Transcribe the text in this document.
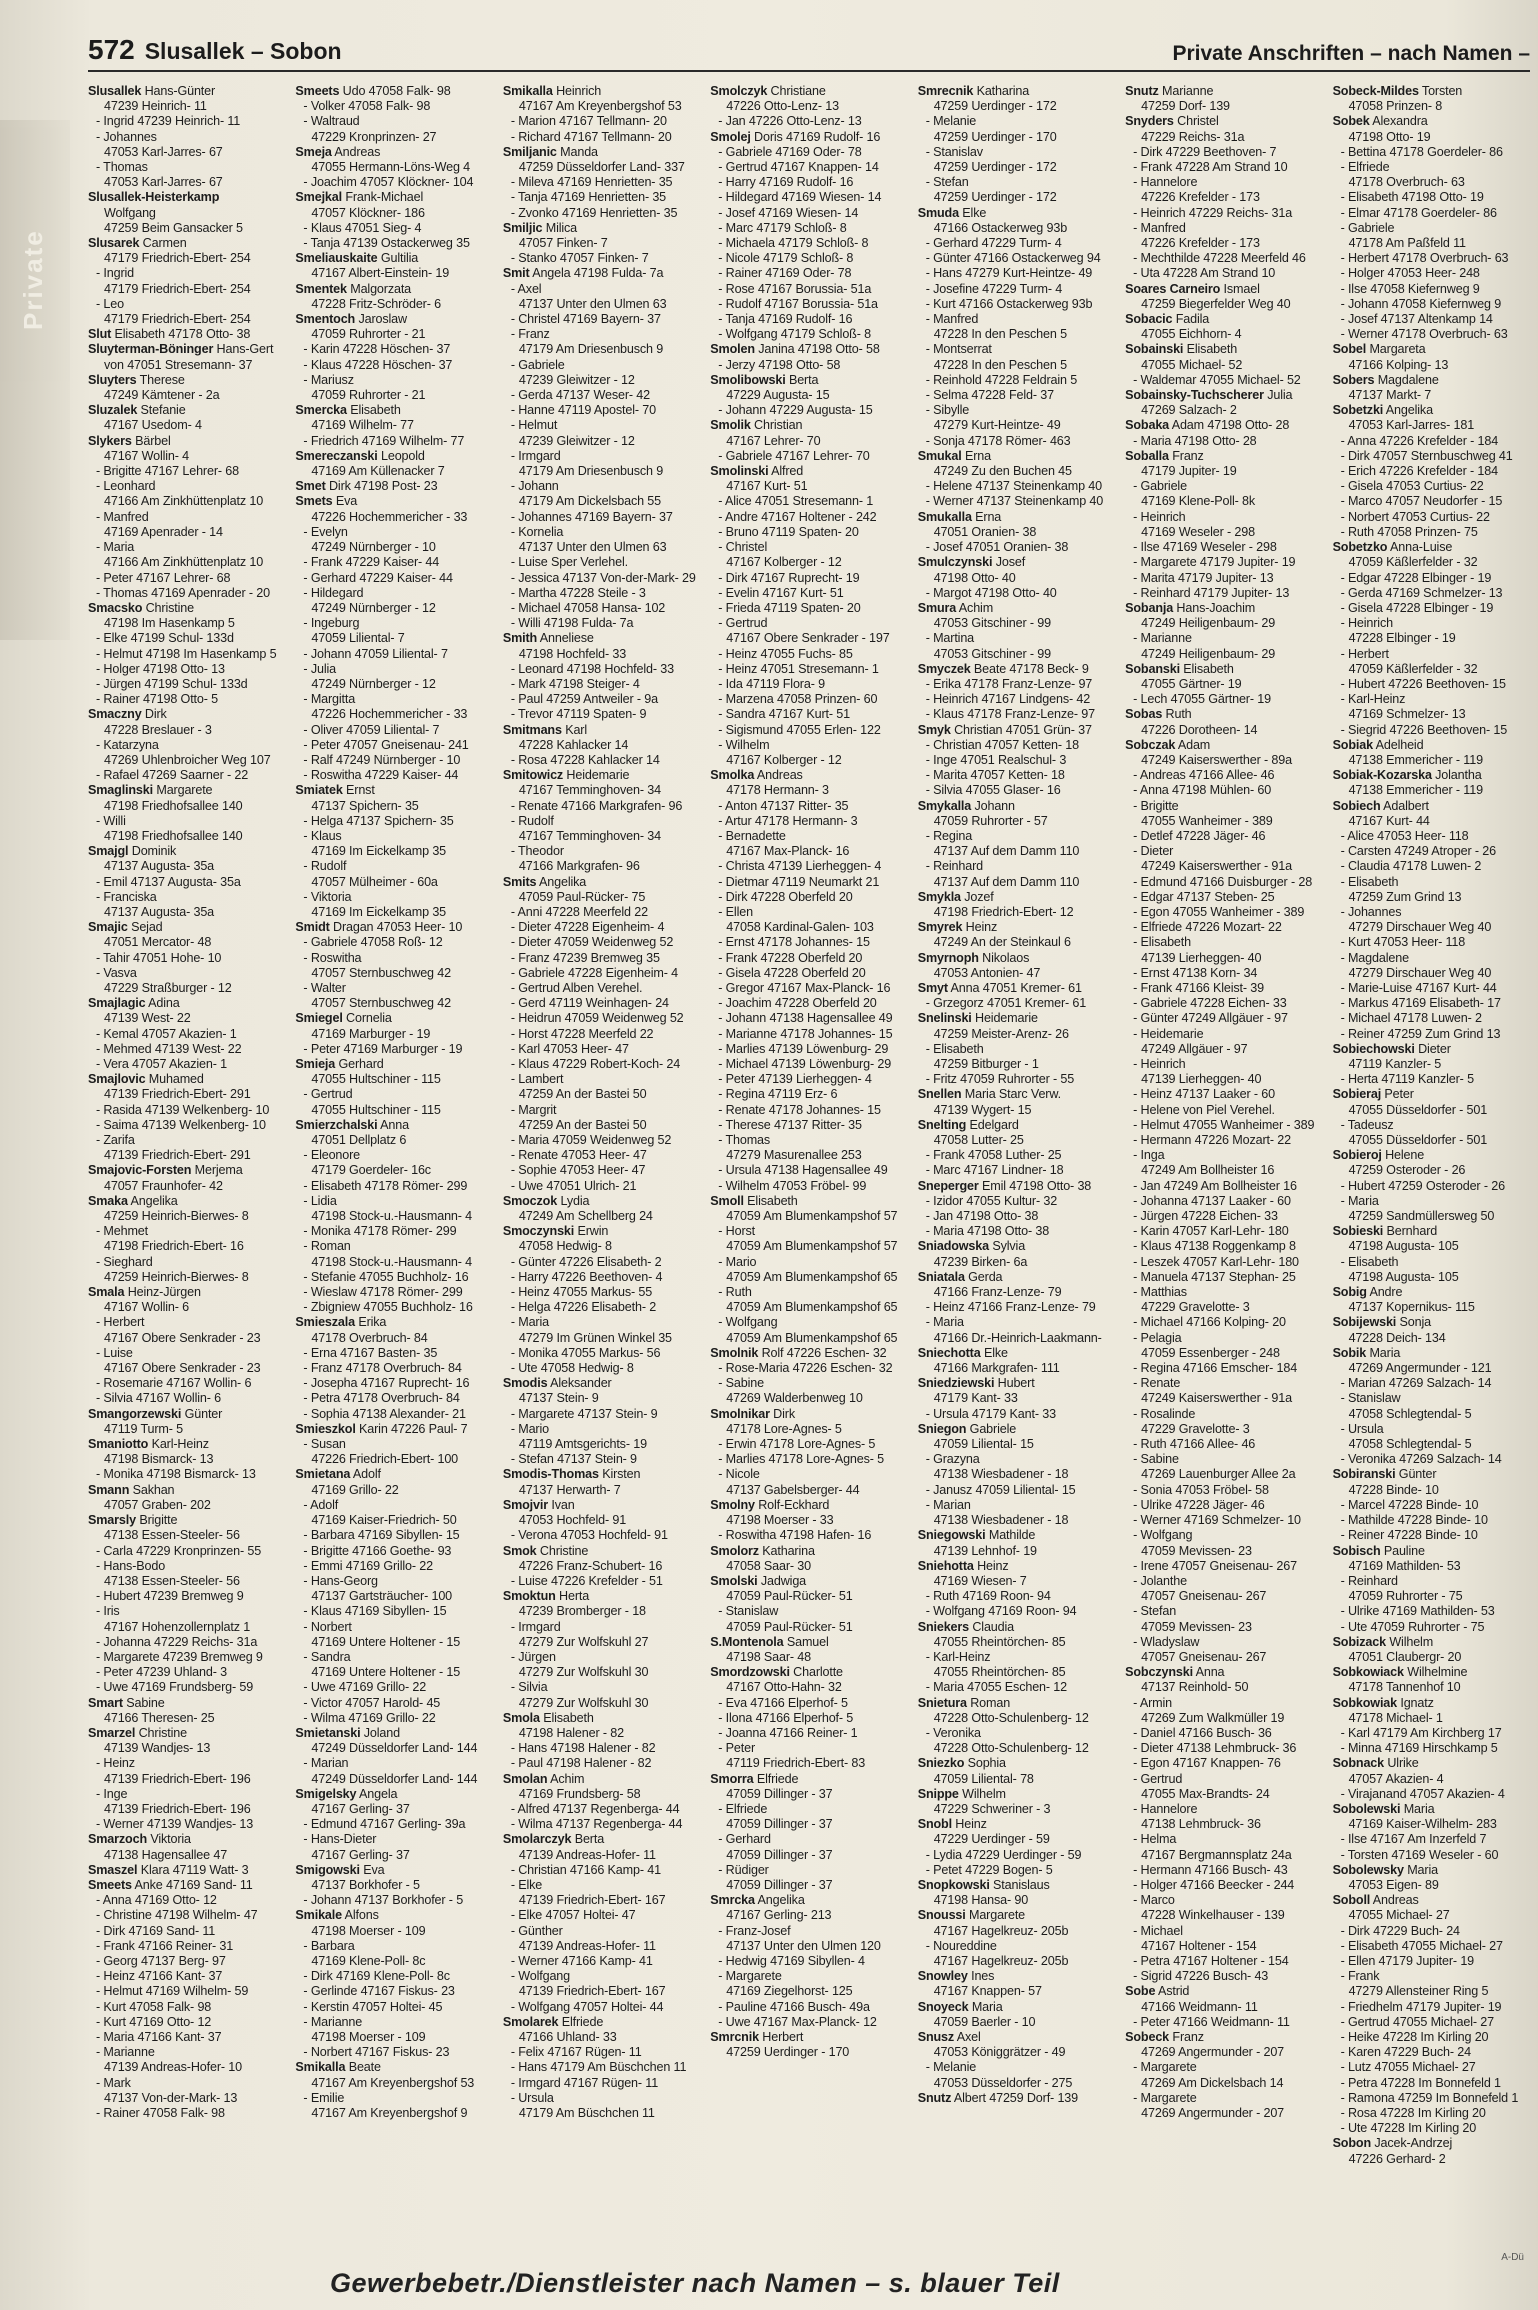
Private
572 Slusallek – Sobon	Private Anschriften – nach Namen –
Slusallek Hans-Günter
47239 Heinrich- 11
- Ingrid 47239 Heinrich- 11
- Johannes
47053 Karl-Jarres- 67
- Thomas
47053 Karl-Jarres- 67
Slusallek-Heisterkamp
Wolfgang
47259 Beim Gansacker 5
Slusarek Carmen
47179 Friedrich-Ebert- 254
- Ingrid
47179 Friedrich-Ebert- 254
- Leo
47179 Friedrich-Ebert- 254
Slut Elisabeth 47178 Otto- 38
Sluyterman-Böninger Hans-Gert
von 47051 Stresemann- 37
Sluyters Therese
47249 Kämtener - 2a
Sluzalek Stefanie
47167 Usedom- 4
Slykers Bärbel
47167 Wollin- 4
- Brigitte 47167 Lehrer- 68
- Leonhard
47166 Am Zinkhüttenplatz 10
- Manfred
47169 Apenrader - 14
- Maria
47166 Am Zinkhüttenplatz 10
- Peter 47167 Lehrer- 68
- Thomas 47169 Apenrader - 20
Smacsko Christine
47198 Im Hasenkamp 5
- Elke 47199 Schul- 133d
- Helmut 47198 Im Hasenkamp 5
- Holger 47198 Otto- 13
- Jürgen 47199 Schul- 133d
- Rainer 47198 Otto- 5
Smaczny Dirk
47228 Breslauer - 3
- Katarzyna
47269 Uhlenbroicher Weg 107
- Rafael 47269 Saarner - 22
Smaglinski Margarete
47198 Friedhofsallee 140
- Willi
47198 Friedhofsallee 140
Smajgl Dominik
47137 Augusta- 35a
- Emil 47137 Augusta- 35a
- Franciska
47137 Augusta- 35a
Smajic Sejad
47051 Mercator- 48
- Tahir 47051 Hohe- 10
- Vasva
47229 Straßburger - 12
Smajlagic Adina
47139 West- 22
- Kemal 47057 Akazien- 1
- Mehmed 47139 West- 22
- Vera 47057 Akazien- 1
Smajlovic Muhamed
47139 Friedrich-Ebert- 291
- Rasida 47139 Welkenberg- 10
- Saima 47139 Welkenberg- 10
- Zarifa
47139 Friedrich-Ebert- 291
Smajovic-Forsten Merjema
47057 Fraunhofer- 42
Smaka Angelika
47259 Heinrich-Bierwes- 8
- Mehmet
47198 Friedrich-Ebert- 16
- Sieghard
47259 Heinrich-Bierwes- 8
Smala Heinz-Jürgen
47167 Wollin- 6
- Herbert
47167 Obere Senkrader - 23
- Luise
47167 Obere Senkrader - 23
- Rosemarie 47167 Wollin- 6
- Silvia 47167 Wollin- 6
Smangorzewski Günter
47119 Turm- 5
Smaniotto Karl-Heinz
47198 Bismarck- 13
- Monika 47198 Bismarck- 13
Smann Sakhan
47057 Graben- 202
Smarsly Brigitte
47138 Essen-Steeler- 56
- Carla 47229 Kronprinzen- 55
- Hans-Bodo
47138 Essen-Steeler- 56
- Hubert 47239 Bremweg 9
- Iris
47167 Hohenzollernplatz 1
- Johanna 47229 Reichs- 31a
- Margarete 47239 Bremweg 9
- Peter 47239 Uhland- 3
- Uwe 47169 Frundsberg- 59
Smart Sabine
47166 Theresen- 25
Smarzel Christine
47139 Wandjes- 13
- Heinz
47139 Friedrich-Ebert- 196
- Inge
47139 Friedrich-Ebert- 196
- Werner 47139 Wandjes- 13
Smarzoch Viktoria
47138 Hagensallee 47
Smaszel Klara 47119 Watt- 3
Smeets Anke 47169 Sand- 11
- Anna 47169 Otto- 12
- Christine 47198 Wilhelm- 47
- Dirk 47169 Sand- 11
- Frank 47166 Reiner- 31
- Georg 47137 Berg- 97
- Heinz 47166 Kant- 37
- Helmut 47169 Wilhelm- 59
- Kurt 47058 Falk- 98
- Kurt 47169 Otto- 12
- Maria 47166 Kant- 37
- Marianne
47139 Andreas-Hofer- 10
- Mark
47137 Von-der-Mark- 13
- Rainer 47058 Falk- 98
Smeets Udo 47058 Falk- 98
- Volker 47058 Falk- 98
- Waltraud
47229 Kronprinzen- 27
Smeja Andreas
47055 Hermann-Löns-Weg 4
- Joachim 47057 Klöckner- 104
Smejkal Frank-Michael
47057 Klöckner- 186
- Klaus 47051 Sieg- 4
- Tanja 47139 Ostackerweg 35
Smeliauskaite Gultilia
47167 Albert-Einstein- 19
Smentek Malgorzata
47228 Fritz-Schröder- 6
Smentoch Jaroslaw
47059 Ruhrorter - 21
- Karin 47228 Höschen- 37
- Klaus 47228 Höschen- 37
- Mariusz
47059 Ruhrorter - 21
Smercka Elisabeth
47169 Wilhelm- 77
- Friedrich 47169 Wilhelm- 77
Smereczanski Leopold
47169 Am Küllenacker 7
Smet Dirk 47198 Post- 23
Smets Eva
47226 Hochemmericher - 33
- Evelyn
47249 Nürnberger - 10
- Frank 47229 Kaiser- 44
- Gerhard 47229 Kaiser- 44
- Hildegard
47249 Nürnberger - 12
- Ingeburg
47059 Liliental- 7
- Johann 47059 Liliental- 7
- Julia
47249 Nürnberger - 12
- Margitta
47226 Hochemmericher - 33
- Oliver 47059 Liliental- 7
- Peter 47057 Gneisenau- 241
- Ralf 47249 Nürnberger - 10
- Roswitha 47229 Kaiser- 44
Smiatek Ernst
47137 Spichern- 35
- Helga 47137 Spichern- 35
- Klaus
47169 Im Eickelkamp 35
- Rudolf
47057 Mülheimer - 60a
- Viktoria
47169 Im Eickelkamp 35
Smidt Dragan 47053 Heer- 10
- Gabriele 47058 Roß- 12
- Roswitha
47057 Sternbuschweg 42
- Walter
47057 Sternbuschweg 42
Smiegel Cornelia
47169 Marburger - 19
- Peter 47169 Marburger - 19
Smieja Gerhard
47055 Hultschiner - 115
- Gertrud
47055 Hultschiner - 115
Smierzchalski Anna
47051 Dellplatz 6
- Eleonore
47179 Goerdeler- 16c
- Elisabeth 47178 Römer- 299
- Lidia
47198 Stock-u.-Hausmann- 4
- Monika 47178 Römer- 299
- Roman
47198 Stock-u.-Hausmann- 4
- Stefanie 47055 Buchholz- 16
- Wieslaw 47178 Römer- 299
- Zbigniew 47055 Buchholz- 16
Smieszala Erika
47178 Overbruch- 84
- Erna 47167 Basten- 35
- Franz 47178 Overbruch- 84
- Josepha 47167 Ruprecht- 16
- Petra 47178 Overbruch- 84
- Sophia 47138 Alexander- 21
Smieszkol Karin 47226 Paul- 7
- Susan
47226 Friedrich-Ebert- 100
Smietana Adolf
47169 Grillo- 22
- Adolf
47169 Kaiser-Friedrich- 50
- Barbara 47169 Sibyllen- 15
- Brigitte 47166 Goethe- 93
- Emmi 47169 Grillo- 22
- Hans-Georg
47137 Gartsträucher- 100
- Klaus 47169 Sibyllen- 15
- Norbert
47169 Untere Holtener - 15
- Sandra
47169 Untere Holtener - 15
- Uwe 47169 Grillo- 22
- Victor 47057 Harold- 45
- Wilma 47169 Grillo- 22
Smietanski Joland
47249 Düsseldorfer Land- 144
- Marian
47249 Düsseldorfer Land- 144
Smigelsky Angela
47167 Gerling- 37
- Edmund 47167 Gerling- 39a
- Hans-Dieter
47167 Gerling- 37
Smigowski Eva
47137 Borkhofer - 5
- Johann 47137 Borkhofer - 5
Smikale Alfons
47198 Moerser - 109
- Barbara
47169 Klene-Poll- 8c
- Dirk 47169 Klene-Poll- 8c
- Gerlinde 47167 Fiskus- 23
- Kerstin 47057 Holtei- 45
- Marianne
47198 Moerser - 109
- Norbert 47167 Fiskus- 23
Smikalla Beate
47167 Am Kreyenbergshof 53
- Emilie
47167 Am Kreyenbergshof 9
Smikalla Heinrich
47167 Am Kreyenbergshof 53
- Marion 47167 Tellmann- 20
- Richard 47167 Tellmann- 20
Smiljanic Manda
47259 Düsseldorfer Land- 337
- Mileva 47169 Henrietten- 35
- Tanja 47169 Henrietten- 35
- Zvonko 47169 Henrietten- 35
Smiljic Milica
47057 Finken- 7
- Stanko 47057 Finken- 7
Smit Angela 47198 Fulda- 7a
- Axel
47137 Unter den Ulmen 63
- Christel 47169 Bayern- 37
- Franz
47179 Am Driesenbusch 9
- Gabriele
47239 Gleiwitzer - 12
- Gerda 47137 Weser- 42
- Hanne 47119 Apostel- 70
- Helmut
47239 Gleiwitzer - 12
- Irmgard
47179 Am Driesenbusch 9
- Johann
47179 Am Dickelsbach 55
- Johannes 47169 Bayern- 37
- Kornelia
47137 Unter den Ulmen 63
- Luise Sper Verlehel.
- Jessica 47137 Von-der-Mark- 29
- Martha 47228 Steile - 3
- Michael 47058 Hansa- 102
- Willi 47198 Fulda- 7a
Smith Anneliese
47198 Hochfeld- 33
- Leonard 47198 Hochfeld- 33
- Mark 47198 Steiger- 4
- Paul 47259 Antweiler - 9a
- Trevor 47119 Spaten- 9
Smitmans Karl
47228 Kahlacker 14
- Rosa 47228 Kahlacker 14
Smitowicz Heidemarie
47167 Temminghoven- 34
- Renate 47166 Markgrafen- 96
- Rudolf
47167 Temminghoven- 34
- Theodor
47166 Markgrafen- 96
Smits Angelika
47059 Paul-Rücker- 75
- Anni 47228 Meerfeld 22
- Dieter 47228 Eigenheim- 4
- Dieter 47059 Weidenweg 52
- Franz 47239 Bremweg 35
- Gabriele 47228 Eigenheim- 4
- Gertrud Alben Verehel.
- Gerd 47119 Weinhagen- 24
- Heidrun 47059 Weidenweg 52
- Horst 47228 Meerfeld 22
- Karl 47053 Heer- 47
- Klaus 47229 Robert-Koch- 24
- Lambert
47259 An der Bastei 50
- Margrit
47259 An der Bastei 50
- Maria 47059 Weidenweg 52
- Renate 47053 Heer- 47
- Sophie 47053 Heer- 47
- Uwe 47051 Ulrich- 21
Smoczok Lydia
47249 Am Schellberg 24
Smoczynski Erwin
47058 Hedwig- 8
- Günter 47226 Elisabeth- 2
- Harry 47226 Beethoven- 4
- Heinz 47055 Markus- 55
- Helga 47226 Elisabeth- 2
- Maria
47279 Im Grünen Winkel 35
- Monika 47055 Markus- 56
- Ute 47058 Hedwig- 8
Smodis Aleksander
47137 Stein- 9
- Margarete 47137 Stein- 9
- Mario
47119 Amtsgerichts- 19
- Stefan 47137 Stein- 9
Smodis-Thomas Kirsten
47137 Herwarth- 7
Smojvir Ivan
47053 Hochfeld- 91
- Verona 47053 Hochfeld- 91
Smok Christine
47226 Franz-Schubert- 16
- Luise 47226 Krefelder - 51
Smoktun Herta
47239 Bromberger - 18
- Irmgard
47279 Zur Wolfskuhl 27
- Jürgen
47279 Zur Wolfskuhl 30
- Silvia
47279 Zur Wolfskuhl 30
Smola Elisabeth
47198 Halener - 82
- Hans 47198 Halener - 82
- Paul 47198 Halener - 82
Smolan Achim
47169 Frundsberg- 58
- Alfred 47137 Regenberga- 44
- Wilma 47137 Regenberga- 44
Smolarczyk Berta
47139 Andreas-Hofer- 11
- Christian 47166 Kamp- 41
- Elke
47139 Friedrich-Ebert- 167
- Elke 47057 Holtei- 47
- Günther
47139 Andreas-Hofer- 11
- Werner 47166 Kamp- 41
- Wolfgang
47139 Friedrich-Ebert- 167
- Wolfgang 47057 Holtei- 44
Smolarek Elfriede
47166 Uhland- 33
- Felix 47167 Rügen- 11
- Hans 47179 Am Büschchen 11
- Irmgard 47167 Rügen- 11
- Ursula
47179 Am Büschchen 11
Smolczyk Christiane
47226 Otto-Lenz- 13
- Jan 47226 Otto-Lenz- 13
Smolej Doris 47169 Rudolf- 16
- Gabriele 47169 Oder- 78
- Gertrud 47167 Knappen- 14
- Harry 47169 Rudolf- 16
- Hildegard 47169 Wiesen- 14
- Josef 47169 Wiesen- 14
- Marc 47179 Schloß- 8
- Michaela 47179 Schloß- 8
- Nicole 47179 Schloß- 8
- Rainer 47169 Oder- 78
- Rose 47167 Borussia- 51a
- Rudolf 47167 Borussia- 51a
- Tanja 47169 Rudolf- 16
- Wolfgang 47179 Schloß- 8
Smolen Janina 47198 Otto- 58
- Jerzy 47198 Otto- 58
Smolibowski Berta
47229 Augusta- 15
- Johann 47229 Augusta- 15
Smolik Christian
47167 Lehrer- 70
- Gabriele 47167 Lehrer- 70
Smolinski Alfred
47167 Kurt- 51
- Alice 47051 Stresemann- 1
- Andre 47167 Holtener - 242
- Bruno 47119 Spaten- 20
- Christel
47167 Kolberger - 12
- Dirk 47167 Ruprecht- 19
- Evelin 47167 Kurt- 51
- Frieda 47119 Spaten- 20
- Gertrud
47167 Obere Senkrader - 197
- Heinz 47055 Fuchs- 85
- Heinz 47051 Stresemann- 1
- Ida 47119 Flora- 9
- Marzena 47058 Prinzen- 60
- Sandra 47167 Kurt- 51
- Sigismund 47055 Erlen- 122
- Wilhelm
47167 Kolberger - 12
Smolka Andreas
47178 Hermann- 3
- Anton 47137 Ritter- 35
- Artur 47178 Hermann- 3
- Bernadette
47167 Max-Planck- 16
- Christa 47139 Lierheggen- 4
- Dietmar 47119 Neumarkt 21
- Dirk 47228 Oberfeld 20
- Ellen
47058 Kardinal-Galen- 103
- Ernst 47178 Johannes- 15
- Frank 47228 Oberfeld 20
- Gisela 47228 Oberfeld 20
- Gregor 47167 Max-Planck- 16
- Joachim 47228 Oberfeld 20
- Johann 47138 Hagensallee 49
- Marianne 47178 Johannes- 15
- Marlies 47139 Löwenburg- 29
- Michael 47139 Löwenburg- 29
- Peter 47139 Lierheggen- 4
- Regina 47119 Erz- 6
- Renate 47178 Johannes- 15
- Therese 47137 Ritter- 35
- Thomas
47279 Masurenallee 253
- Ursula 47138 Hagensallee 49
- Wilhelm 47053 Fröbel- 99
Smoll Elisabeth
47059 Am Blumenkampshof 57
- Horst
47059 Am Blumenkampshof 57
- Mario
47059 Am Blumenkampshof 65
- Ruth
47059 Am Blumenkampshof 65
- Wolfgang
47059 Am Blumenkampshof 65
Smolnik Rolf 47226 Eschen- 32
- Rose-Maria 47226 Eschen- 32
- Sabine
47269 Walderbenweg 10
Smolnikar Dirk
47178 Lore-Agnes- 5
- Erwin 47178 Lore-Agnes- 5
- Marlies 47178 Lore-Agnes- 5
- Nicole
47137 Gabelsberger- 44
Smolny Rolf-Eckhard
47198 Moerser - 33
- Roswitha 47198 Hafen- 16
Smolorz Katharina
47058 Saar- 30
Smolski Jadwiga
47059 Paul-Rücker- 51
- Stanislaw
47059 Paul-Rücker- 51
S.Montenola Samuel
47198 Saar- 48
Smordzowski Charlotte
47167 Otto-Hahn- 32
- Eva 47166 Elperhof- 5
- Ilona 47166 Elperhof- 5
- Joanna 47166 Reiner- 1
- Peter
47119 Friedrich-Ebert- 83
Smorra Elfriede
47059 Dillinger - 37
- Elfriede
47059 Dillinger - 37
- Gerhard
47059 Dillinger - 37
- Rüdiger
47059 Dillinger - 37
Smrcka Angelika
47167 Gerling- 213
- Franz-Josef
47137 Unter den Ulmen 120
- Hedwig 47169 Sibyllen- 4
- Margarete
47169 Ziegelhorst- 125
- Pauline 47166 Busch- 49a
- Uwe 47167 Max-Planck- 12
Smrcnik Herbert
47259 Uerdinger - 170
Smrecnik Katharina
47259 Uerdinger - 172
- Melanie
47259 Uerdinger - 170
- Stanislav
47259 Uerdinger - 172
- Stefan
47259 Uerdinger - 172
Smuda Elke
47166 Ostackerweg 93b
- Gerhard 47229 Turm- 4
- Günter 47166 Ostackerweg 94
- Hans 47279 Kurt-Heintze- 49
- Josefine 47229 Turm- 4
- Kurt 47166 Ostackerweg 93b
- Manfred
47228 In den Peschen 5
- Montserrat
47228 In den Peschen 5
- Reinhold 47228 Feldrain 5
- Selma 47228 Feld- 37
- Sibylle
47279 Kurt-Heintze- 49
- Sonja 47178 Römer- 463
Smukal Erna
47249 Zu den Buchen 45
- Helene 47137 Steinenkamp 40
- Werner 47137 Steinenkamp 40
Smukalla Erna
47051 Oranien- 38
- Josef 47051 Oranien- 38
Smulczynski Josef
47198 Otto- 40
- Margot 47198 Otto- 40
Smura Achim
47053 Gitschiner - 99
- Martina
47053 Gitschiner - 99
Smyczek Beate 47178 Beck- 9
- Erika 47178 Franz-Lenze- 97
- Heinrich 47167 Lindgens- 42
- Klaus 47178 Franz-Lenze- 97
Smyk Christian 47051 Grün- 37
- Christian 47057 Ketten- 18
- Inge 47051 Realschul- 3
- Marita 47057 Ketten- 18
- Silvia 47055 Glaser- 16
Smykalla Johann
47059 Ruhrorter - 57
- Regina
47137 Auf dem Damm 110
- Reinhard
47137 Auf dem Damm 110
Smykla Jozef
47198 Friedrich-Ebert- 12
Smyrek Heinz
47249 An der Steinkaul 6
Smyrnoph Nikolaos
47053 Antonien- 47
Smyt Anna 47051 Kremer- 61
- Grzegorz 47051 Kremer- 61
Snelinski Heidemarie
47259 Meister-Arenz- 26
- Elisabeth
47259 Bitburger - 1
- Fritz 47059 Ruhrorter - 55
Snellen Maria Starc Verw.
47139 Wygert- 15
Snelting Edelgard
47058 Lutter- 25
- Frank 47058 Luther- 25
- Marc 47167 Lindner- 18
Sneperger Emil 47198 Otto- 38
- Izidor 47055 Kultur- 32
- Jan 47198 Otto- 38
- Maria 47198 Otto- 38
Sniadowska Sylvia
47239 Birken- 6a
Sniatala Gerda
47166 Franz-Lenze- 79
- Heinz 47166 Franz-Lenze- 79
- Maria
47166 Dr.-Heinrich-Laakmann-
Sniechotta Elke
47166 Markgrafen- 111
Sniedziewski Hubert
47179 Kant- 33
- Ursula 47179 Kant- 33
Sniegon Gabriele
47059 Liliental- 15
- Grazyna
47138 Wiesbadener - 18
- Janusz 47059 Liliental- 15
- Marian
47138 Wiesbadener - 18
Sniegowski Mathilde
47139 Lehnhof- 19
Sniehotta Heinz
47169 Wiesen- 7
- Ruth 47169 Roon- 94
- Wolfgang 47169 Roon- 94
Sniekers Claudia
47055 Rheintörchen- 85
- Karl-Heinz
47055 Rheintörchen- 85
- Maria 47055 Eschen- 12
Snietura Roman
47228 Otto-Schulenberg- 12
- Veronika
47228 Otto-Schulenberg- 12
Sniezko Sophia
47059 Liliental- 78
Snippe Wilhelm
47229 Schweriner - 3
Snobl Heinz
47229 Uerdinger - 59
- Lydia 47229 Uerdinger - 59
- Petet 47229 Bogen- 5
Snopkowski Stanislaus
47198 Hansa- 90
Snoussi Margarete
47167 Hagelkreuz- 205b
- Noureddine
47167 Hagelkreuz- 205b
Snowley Ines
47167 Knappen- 57
Snoyeck Maria
47059 Baerler - 10
Snusz Axel
47053 Königgrätzer - 49
- Melanie
47053 Düsseldorfer - 275
Snutz Albert 47259 Dorf- 139
Snutz Marianne
47259 Dorf- 139
Snyders Christel
47229 Reichs- 31a
- Dirk 47229 Beethoven- 7
- Frank 47228 Am Strand 10
- Hannelore
47226 Krefelder - 173
- Heinrich 47229 Reichs- 31a
- Manfred
47226 Krefelder - 173
- Mechthilde 47228 Meerfeld 46
- Uta 47228 Am Strand 10
Soares Carneiro Ismael
47259 Biegerfelder Weg 40
Sobacic Fadila
47055 Eichhorn- 4
Sobainski Elisabeth
47055 Michael- 52
- Waldemar 47055 Michael- 52
Sobainsky-Tuchscherer Julia
47269 Salzach- 2
Sobaka Adam 47198 Otto- 28
- Maria 47198 Otto- 28
Soballa Franz
47179 Jupiter- 19
- Gabriele
47169 Klene-Poll- 8k
- Heinrich
47169 Weseler - 298
- Ilse 47169 Weseler - 298
- Margarete 47179 Jupiter- 19
- Marita 47179 Jupiter- 13
- Reinhard 47179 Jupiter- 13
Sobanja Hans-Joachim
47249 Heiligenbaum- 29
- Marianne
47249 Heiligenbaum- 29
Sobanski Elisabeth
47055 Gärtner- 19
- Lech 47055 Gärtner- 19
Sobas Ruth
47226 Dorotheen- 14
Sobczak Adam
47249 Kaiserswerther - 89a
- Andreas 47166 Allee- 46
- Anna 47198 Mühlen- 60
- Brigitte
47055 Wanheimer - 389
- Detlef 47228 Jäger- 46
- Dieter
47249 Kaiserswerther - 91a
- Edmund 47166 Duisburger - 28
- Edgar 47137 Steben- 25
- Egon 47055 Wanheimer - 389
- Elfriede 47226 Mozart- 22
- Elisabeth
47139 Lierheggen- 40
- Ernst 47138 Korn- 34
- Frank 47166 Kleist- 39
- Gabriele 47228 Eichen- 33
- Günter 47249 Allgäuer - 97
- Heidemarie
47249 Allgäuer - 97
- Heinrich
47139 Lierheggen- 40
- Heinz 47137 Laaker - 60
- Helene von Piel Verehel.
- Helmut 47055 Wanheimer - 389
- Hermann 47226 Mozart- 22
- Inga
47249 Am Bollheister 16
- Jan 47249 Am Bollheister 16
- Johanna 47137 Laaker - 60
- Jürgen 47228 Eichen- 33
- Karin 47057 Karl-Lehr- 180
- Klaus 47138 Roggenkamp 8
- Leszek 47057 Karl-Lehr- 180
- Manuela 47137 Stephan- 25
- Matthias
47229 Gravelotte- 3
- Michael 47166 Kolping- 20
- Pelagia
47059 Essenberger - 248
- Regina 47166 Emscher- 184
- Renate
47249 Kaiserswerther - 91a
- Rosalinde
47229 Gravelotte- 3
- Ruth 47166 Allee- 46
- Sabine
47269 Lauenburger Allee 2a
- Sonia 47053 Fröbel- 58
- Ulrike 47228 Jäger- 46
- Werner 47169 Schmelzer- 10
- Wolfgang
47059 Mevissen- 23
- Irene 47057 Gneisenau- 267
- Jolanthe
47057 Gneisenau- 267
- Stefan
47059 Mevissen- 23
- Wladyslaw
47057 Gneisenau- 267
Sobczynski Anna
47137 Reinhold- 50
- Armin
47269 Zum Walkmüller 19
- Daniel 47166 Busch- 36
- Dieter 47138 Lehmbruck- 36
- Egon 47167 Knappen- 76
- Gertrud
47055 Max-Brandts- 24
- Hannelore
47138 Lehmbruck- 36
- Helma
47167 Bergmannsplatz 24a
- Hermann 47166 Busch- 43
- Holger 47166 Beecker - 244
- Marco
47228 Winkelhauser - 139
- Michael
47167 Holtener - 154
- Petra 47167 Holtener - 154
- Sigrid 47226 Busch- 43
Sobe Astrid
47166 Weidmann- 11
- Peter 47166 Weidmann- 11
Sobeck Franz
47269 Angermunder - 207
- Margarete
47269 Am Dickelsbach 14
- Margarete
47269 Angermunder - 207
Sobeck-Mildes Torsten
47058 Prinzen- 8
Sobek Alexandra
47198 Otto- 19
- Bettina 47178 Goerdeler- 86
- Elfriede
47178 Overbruch- 63
- Elisabeth 47198 Otto- 19
- Elmar 47178 Goerdeler- 86
- Gabriele
47178 Am Paßfeld 11
- Herbert 47178 Overbruch- 63
- Holger 47053 Heer- 248
- Ilse 47058 Kiefernweg 9
- Johann 47058 Kiefernweg 9
- Josef 47137 Altenkamp 14
- Werner 47178 Overbruch- 63
Sobel Margareta
47166 Kolping- 13
Sobers Magdalene
47137 Markt- 7
Sobetzki Angelika
47053 Karl-Jarres- 181
- Anna 47226 Krefelder - 184
- Dirk 47057 Sternbuschweg 41
- Erich 47226 Krefelder - 184
- Gisela 47053 Curtius- 22
- Marco 47057 Neudorfer - 15
- Norbert 47053 Curtius- 22
- Ruth 47058 Prinzen- 75
Sobetzko Anna-Luise
47059 Käßlerfelder - 32
- Edgar 47228 Elbinger - 19
- Gerda 47169 Schmelzer- 13
- Gisela 47228 Elbinger - 19
- Heinrich
47228 Elbinger - 19
- Herbert
47059 Käßlerfelder - 32
- Hubert 47226 Beethoven- 15
- Karl-Heinz
47169 Schmelzer- 13
- Siegrid 47226 Beethoven- 15
Sobiak Adelheid
47138 Emmericher - 119
Sobiak-Kozarska Jolantha
47138 Emmericher - 119
Sobiech Adalbert
47167 Kurt- 44
- Alice 47053 Heer- 118
- Carsten 47249 Atroper - 26
- Claudia 47178 Luwen- 2
- Elisabeth
47259 Zum Grind 13
- Johannes
47279 Dirschauer Weg 40
- Kurt 47053 Heer- 118
- Magdalene
47279 Dirschauer Weg 40
- Marie-Luise 47167 Kurt- 44
- Markus 47169 Elisabeth- 17
- Michael 47178 Luwen- 2
- Reiner 47259 Zum Grind 13
Sobiechowski Dieter
47119 Kanzler- 5
- Herta 47119 Kanzler- 5
Sobieraj Peter
47055 Düsseldorfer - 501
- Tadeusz
47055 Düsseldorfer - 501
Sobieroj Helene
47259 Osteroder - 26
- Hubert 47259 Osteroder - 26
- Maria
47259 Sandmüllersweg 50
Sobieski Bernhard
47198 Augusta- 105
- Elisabeth
47198 Augusta- 105
Sobig Andre
47137 Kopernikus- 115
Sobijewski Sonja
47228 Deich- 134
Sobik Maria
47269 Angermunder - 121
- Marian 47269 Salzach- 14
- Stanislaw
47058 Schlegtendal- 5
- Ursula
47058 Schlegtendal- 5
- Veronika 47269 Salzach- 14
Sobiranski Günter
47228 Binde- 10
- Marcel 47228 Binde- 10
- Mathilde 47228 Binde- 10
- Reiner 47228 Binde- 10
Sobisch Pauline
47169 Mathilden- 53
- Reinhard
47059 Ruhrorter - 75
- Ulrike 47169 Mathilden- 53
- Ute 47059 Ruhrorter - 75
Sobizack Wilhelm
47051 Claubergr- 20
Sobkowiack Wilhelmine
47178 Tannenhof 10
Sobkowiak Ignatz
47178 Michael- 1
- Karl 47179 Am Kirchberg 17
- Minna 47169 Hirschkamp 5
Sobnack Ulrike
47057 Akazien- 4
- Virajanand 47057 Akazien- 4
Sobolewski Maria
47169 Kaiser-Wilhelm- 283
- Ilse 47167 Am Inzerfeld 7
- Torsten 47169 Weseler - 60
Sobolewsky Maria
47053 Eigen- 89
Soboll Andreas
47055 Michael- 27
- Dirk 47229 Buch- 24
- Elisabeth 47055 Michael- 27
- Ellen 47179 Jupiter- 19
- Frank
47279 Allensteiner Ring 5
- Friedhelm 47179 Jupiter- 19
- Gertrud 47055 Michael- 27
- Heike 47228 Im Kirling 20
- Karen 47229 Buch- 24
- Lutz 47055 Michael- 27
- Petra 47228 Im Bonnefeld 1
- Ramona 47259 Im Bonnefeld 1
- Rosa 47228 Im Kirling 20
- Ute 47228 Im Kirling 20
Sobon Jacek-Andrzej
47226 Gerhard- 2
Gewerbebetr./Dienstleister nach Namen – s. blauer Teil
A-Dü
